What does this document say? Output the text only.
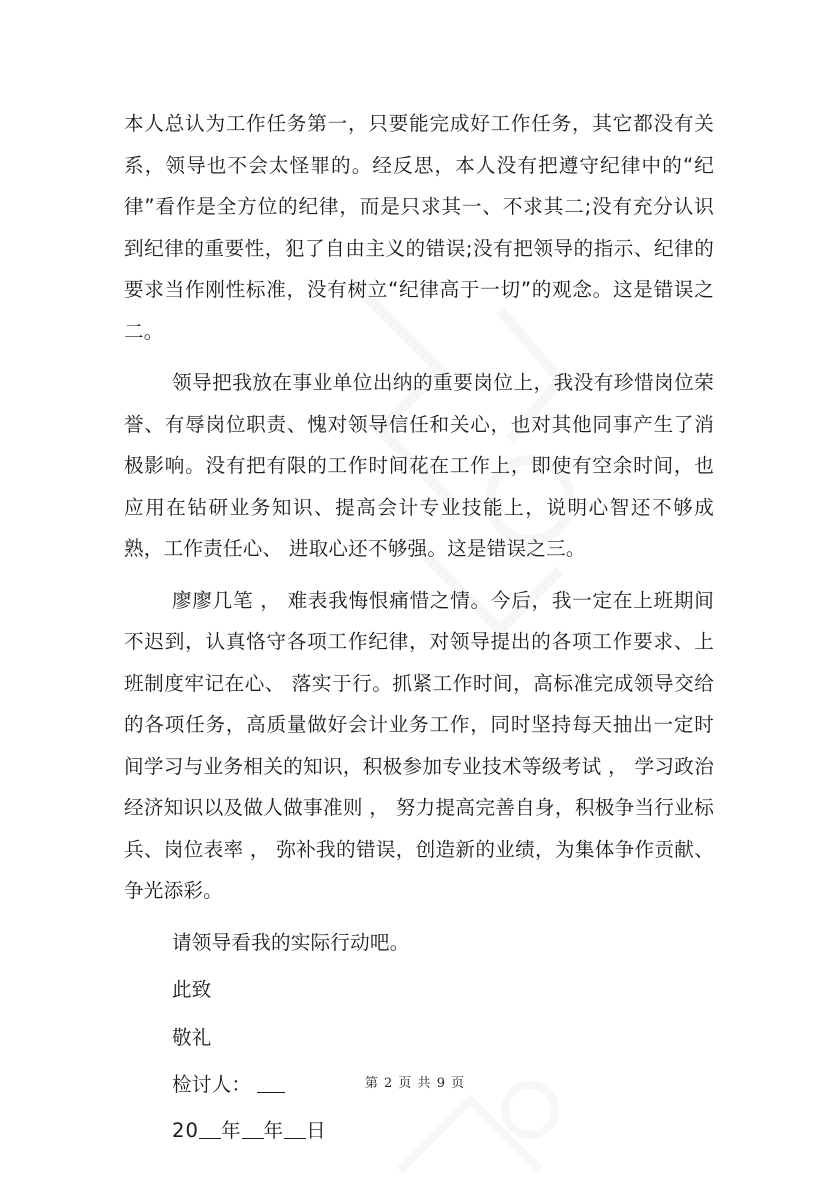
本人总认为工作任务第一，只要能完成好工作任务，其它都没有关系，领导也不会太怪罪的。经反思，本人没有把遵守纪律中的“纪律”看作是全方位的纪律，而是只求其一、不求其二;没有充分认识到纪律的重要性，犯了自由主义的错误;没有把领导的指示、纪律的要求当作刚性标准，没有树立“纪律高于一切”的观念。这是错误之二。

领导把我放在事业单位出纳的重要岗位上，我没有珍惜岗位荣誉、有辱岗位职责、愧对领导信任和关心，也对其他同事产生了消极影响。没有把有限的工作时间花在工作上，即使有空余时间，也应用在钻研业务知识、提高会计专业技能上，说明心智还不够成熟，工作责任心、 进取心还不够强。这是错误之三。

廖廖几笔 ， 难表我悔恨痛惜之情。今后，我一定在上班期间不迟到，认真恪守各项工作纪律，对领导提出的各项工作要求、上班制度牢记在心、 落实于行。抓紧工作时间，高标准完成领导交给的各项任务，高质量做好会计业务工作，同时坚持每天抽出一定时间学习与业务相关的知识，积极参加专业技术等级考试 ， 学习政治经济知识以及做人做事准则 ， 努力提高完善自身，积极争当行业标兵、岗位表率 ， 弥补我的错误，创造新的业绩，为集体争作贡献、争光添彩。

请领导看我的实际行动吧。

此致

敬礼

检讨人：

20 年 年 日

第 2 页 共 9 页
